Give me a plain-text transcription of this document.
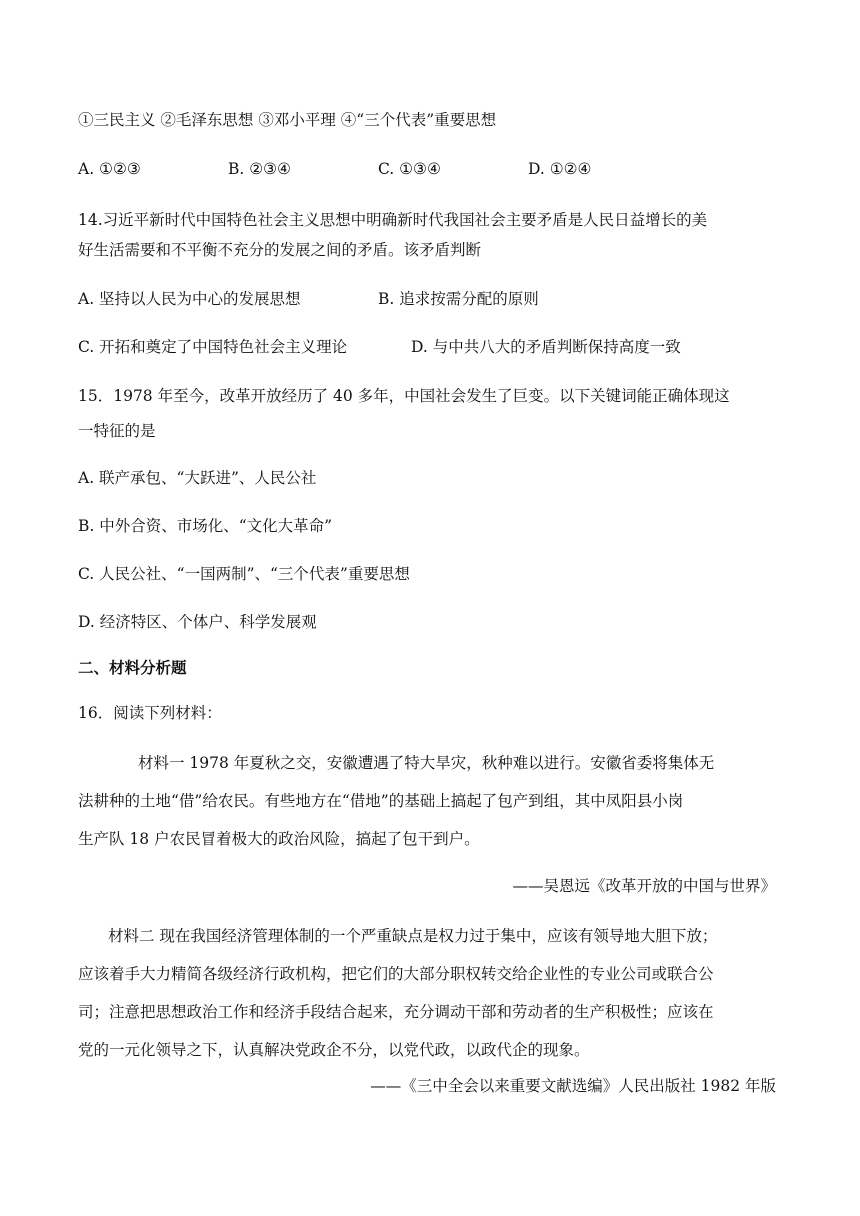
①三民主义 ②毛泽东思想 ③邓小平理 ④“三个代表”重要思想
A. ①②③	B. ②③④	C. ①③④	D. ①②④
14.习近平新时代中国特色社会主义思想中明确新时代我国社会主要矛盾是人民日益增长的美
好生活需要和不平衡不充分的发展之间的矛盾。该矛盾判断
A. 坚持以人民为中心的发展思想	B. 追求按需分配的原则
C. 开拓和奠定了中国特色社会主义理论	D. 与中共八大的矛盾判断保持高度一致
15．1978 年至今，改革开放经历了 40 多年，中国社会发生了巨变。以下关键词能正确体现这
一特征的是
A. 联产承包、“大跃进”、人民公社
B. 中外合资、市场化、“文化大革命”
C. 人民公社、“一国两制”、“三个代表”重要思想
D. 经济特区、个体户、科学发展观
二、材料分析题
16．阅读下列材料：
材料一 1978 年夏秋之交，安徽遭遇了特大旱灾，秋种难以进行。安徽省委将集体无
法耕种的土地“借”给农民。有些地方在“借地”的基础上搞起了包产到组，其中凤阳县小岗
生产队 18 户农民冒着极大的政治风险，搞起了包干到户。
——吴恩远《改革开放的中国与世界》
材料二 现在我国经济管理体制的一个严重缺点是权力过于集中，应该有领导地大胆下放；
应该着手大力精简各级经济行政机构，把它们的大部分职权转交给企业性的专业公司或联合公
司；注意把思想政治工作和经济手段结合起来，充分调动干部和劳动者的生产积极性；应该在
党的一元化领导之下，认真解决党政企不分，以党代政，以政代企的现象。
——《三中全会以来重要文献选编》人民出版社 1982 年版
